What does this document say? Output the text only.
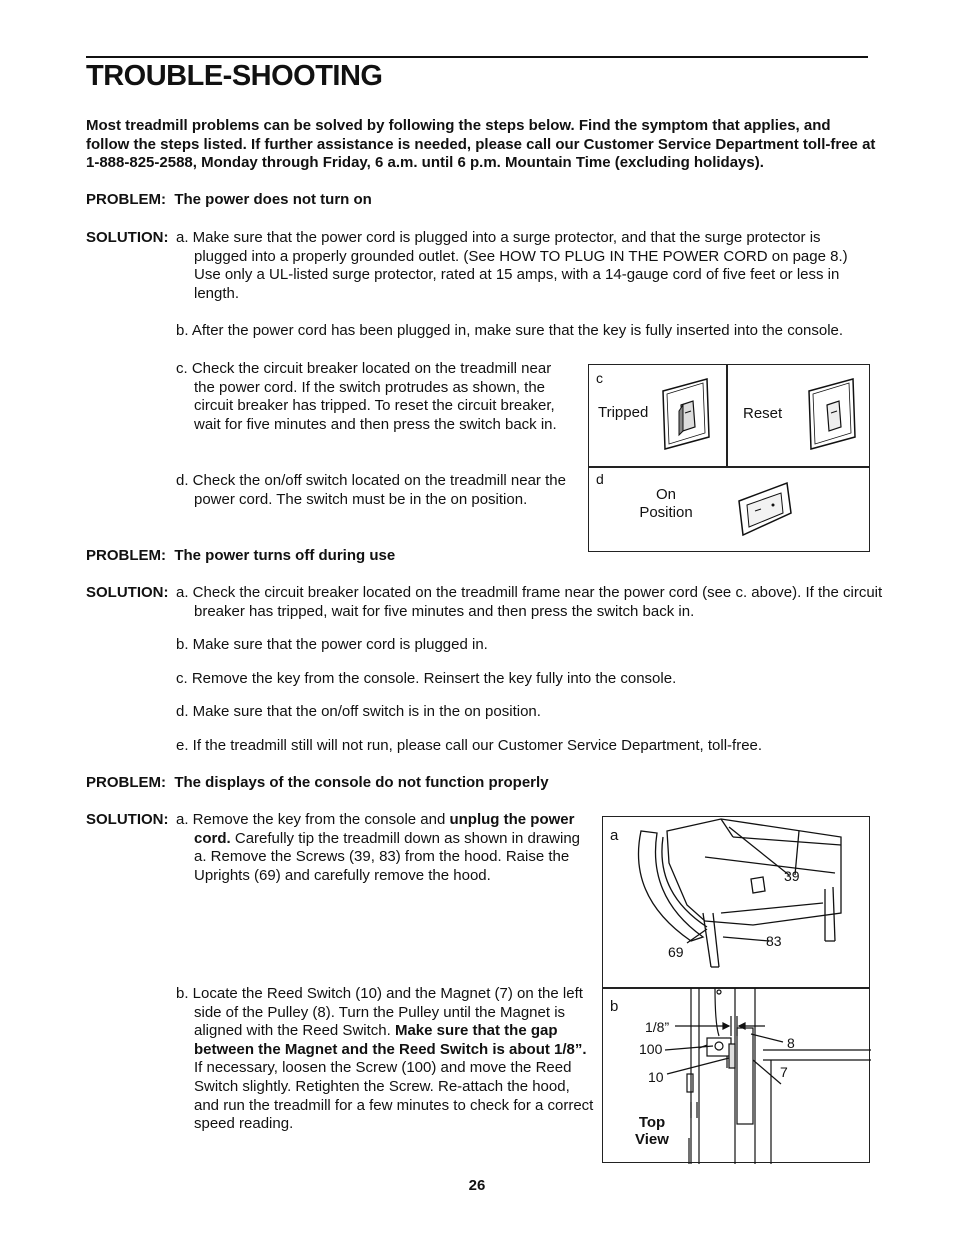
TROUBLE-SHOOTING
Most treadmill problems can be solved by following the steps below. Find the symptom that applies, and follow the steps listed. If further assistance is needed, please call our Customer Service Department toll-free at 1-888-825-2588, Monday through Friday, 6 a.m. until 6 p.m. Mountain Time (excluding holidays).
PROBLEM: The power does not turn on
SOLUTION: a. Make sure that the power cord is plugged into a surge protector, and that the surge protector is plugged into a properly grounded outlet. (See HOW TO PLUG IN THE POWER CORD on page 8.) Use only a UL-listed surge protector, rated at 15 amps, with a 14-gauge cord of five feet or less in length.
b. After the power cord has been plugged in, make sure that the key is fully inserted into the console.
c. Check the circuit breaker located on the treadmill near the power cord. If the switch protrudes as shown, the circuit breaker has tripped. To reset the circuit breaker, wait for five minutes and then press the switch back in.
d. Check the on/off switch located on the treadmill near the power cord. The switch must be in the on position.
c
Tripped	Reset
d
On
Position
PROBLEM: The power turns off during use
SOLUTION: a. Check the circuit breaker located on the treadmill frame near the power cord (see c. above). If the circuit breaker has tripped, wait for five minutes and then press the switch back in.
b. Make sure that the power cord is plugged in.
c. Remove the key from the console. Reinsert the key fully into the console.
d. Make sure that the on/off switch is in the on position.
e. If the treadmill still will not run, please call our Customer Service Department, toll-free.
PROBLEM: The displays of the console do not function properly
SOLUTION: a. Remove the key from the console and unplug the power cord. Carefully tip the treadmill down as shown in drawing a. Remove the Screws (39, 83) from the hood. Raise the Uprights (69) and carefully remove the hood.
b. Locate the Reed Switch (10) and the Magnet (7) on the left side of the Pulley (8). Turn the Pulley until the Magnet is aligned with the Reed Switch. Make sure that the gap between the Magnet and the Reed Switch is about 1/8”. If necessary, loosen the Screw (100) and move the Reed Switch slightly. Retighten the Screw. Re-attach the hood, and run the treadmill for a few minutes to check for a correct speed reading.
a
39
83
69
b
1/8”
100
10
8
7
Top
View
26
